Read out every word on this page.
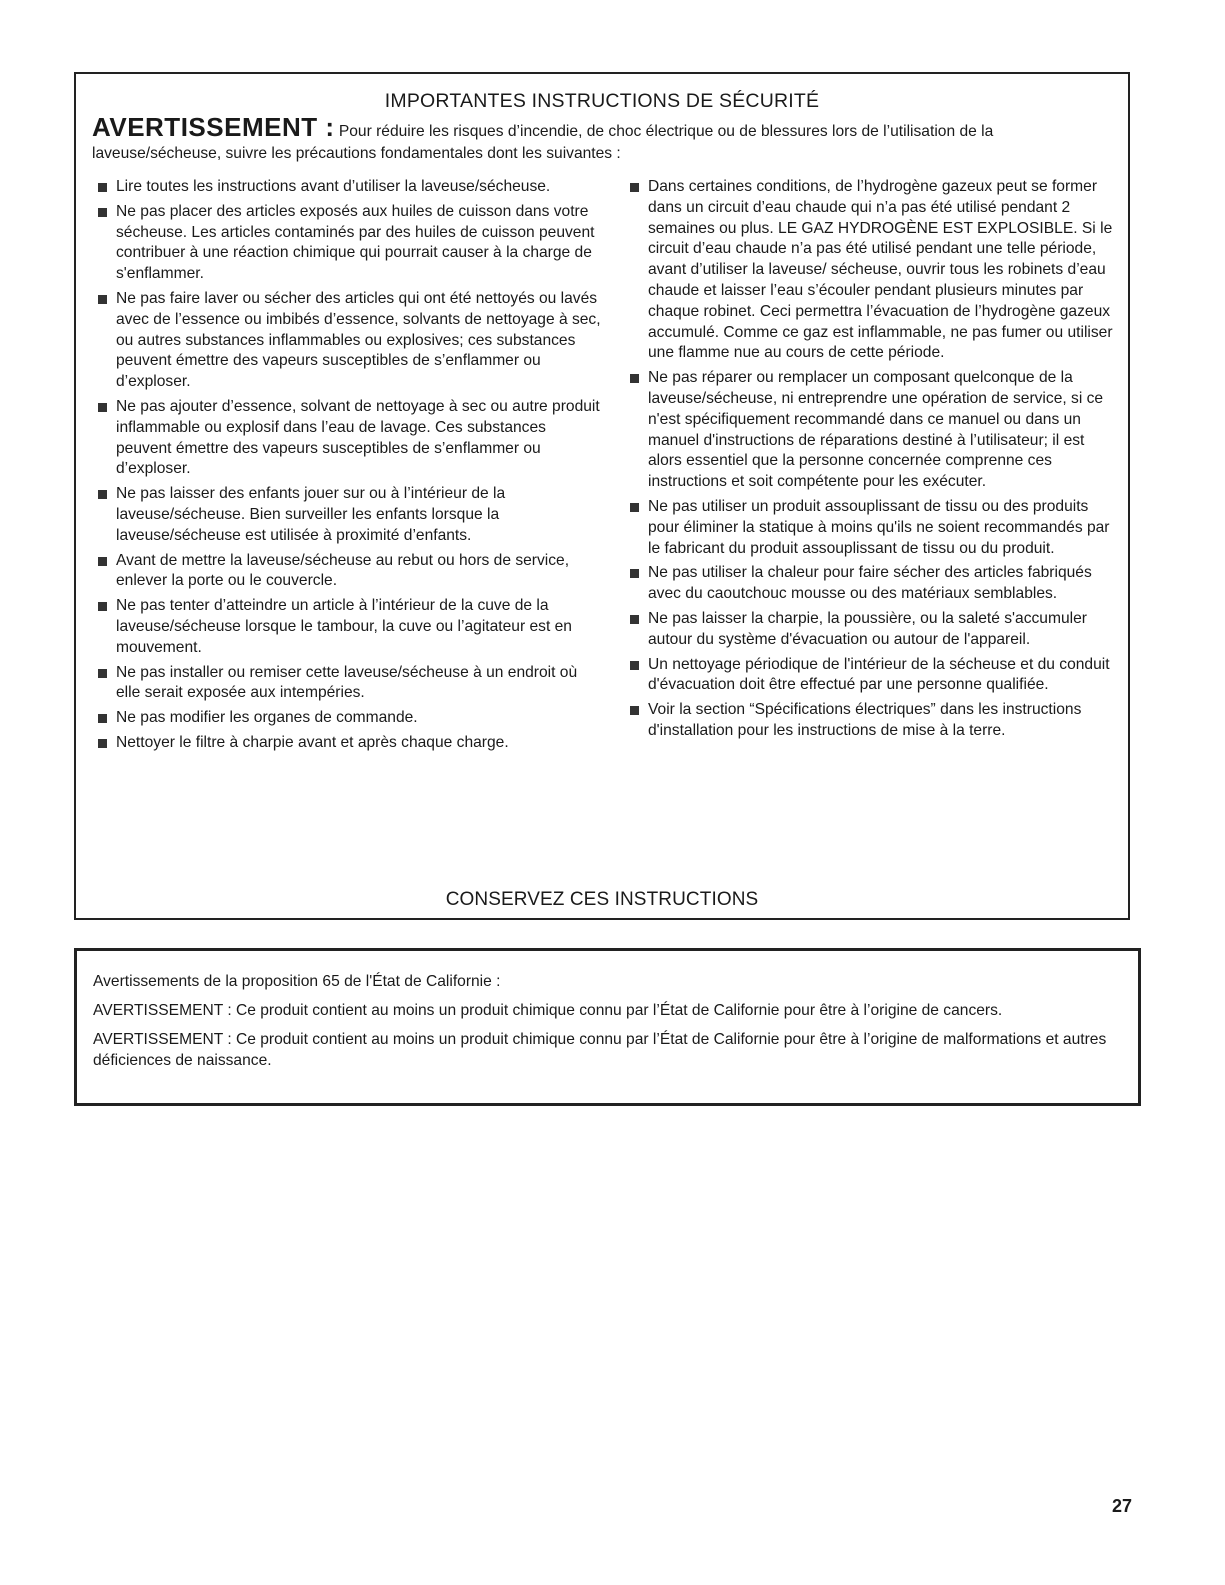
IMPORTANTES INSTRUCTIONS DE SÉCURITÉ
AVERTISSEMENT : Pour réduire les risques d’incendie, de choc électrique ou de blessures lors de l’utilisation de la laveuse/sécheuse, suivre les précautions fondamentales dont les suivantes :
Lire toutes les instructions avant d’utiliser la laveuse/sécheuse.
Ne pas placer des articles exposés aux huiles de cuisson dans votre sécheuse. Les articles contaminés par des huiles de cuisson peuvent contribuer à une réaction chimique qui pourrait causer à la charge de s'enflammer.
Ne pas faire laver ou sécher des articles qui ont été nettoyés ou lavés avec de l’essence ou imbibés d’essence, solvants de nettoyage à sec, ou autres substances inflammables ou explosives; ces substances peuvent émettre des vapeurs susceptibles de s’enflammer ou d’exploser.
Ne pas ajouter d’essence, solvant de nettoyage à sec ou autre produit inflammable ou explosif dans l’eau de lavage. Ces substances peuvent émettre des vapeurs susceptibles de s’enflammer ou d’exploser.
Ne pas laisser des enfants jouer sur ou à l’intérieur de la laveuse/sécheuse. Bien surveiller les enfants lorsque la laveuse/sécheuse est utilisée à proximité d’enfants.
Avant de mettre la laveuse/sécheuse au rebut ou hors de service, enlever la porte ou le couvercle.
Ne pas tenter d’atteindre un article à l’intérieur de la cuve de la laveuse/sécheuse lorsque le tambour, la cuve ou l’agitateur est en mouvement.
Ne pas installer ou remiser cette laveuse/sécheuse à un endroit où elle serait exposée aux intempéries.
Ne pas modifier les organes de commande.
Nettoyer le filtre à charpie avant et après chaque charge.
Dans certaines conditions, de l’hydrogène gazeux peut se former dans un circuit d’eau chaude qui n’a pas été utilisé pendant 2 semaines ou plus. LE GAZ HYDROGÈNE EST EXPLOSIBLE. Si le circuit d’eau chaude n’a pas été utilisé pendant une telle période, avant d’utiliser la laveuse/ sécheuse, ouvrir tous les robinets d’eau chaude et laisser l’eau s’écouler pendant plusieurs minutes par chaque robinet. Ceci permettra l’évacuation de l’hydrogène gazeux accumulé. Comme ce gaz est inflammable, ne pas fumer ou utiliser une flamme nue au cours de cette période.
Ne pas réparer ou remplacer un composant quelconque de la laveuse/sécheuse, ni entreprendre une opération de service, si ce n'est spécifiquement recommandé dans ce manuel ou dans un manuel d'instructions de réparations destiné à l’utilisateur; il est alors essentiel que la personne concernée comprenne ces instructions et soit compétente pour les exécuter.
Ne pas utiliser un produit assouplissant de tissu ou des produits pour éliminer la statique à moins qu'ils ne soient recommandés par le fabricant du produit assouplissant de tissu ou du produit.
Ne pas utiliser la chaleur pour faire sécher des articles fabriqués avec du caoutchouc mousse ou des matériaux semblables.
Ne pas laisser la charpie, la poussière, ou la saleté s'accumuler autour du système d'évacuation ou autour de l'appareil.
Un nettoyage périodique de l'intérieur de la sécheuse et du conduit d'évacuation doit être effectué par une personne qualifiée.
Voir la section “Spécifications électriques” dans les instructions d'installation pour les instructions de mise à la terre.
CONSERVEZ CES INSTRUCTIONS

Avertissements de la proposition 65 de l'État de Californie :

AVERTISSEMENT : Ce produit contient au moins un produit chimique connu par l’État de Californie pour être à l’origine de cancers.

AVERTISSEMENT : Ce produit contient au moins un produit chimique connu par l’État de Californie pour être à l’origine de malformations et autres déficiences de naissance.

27
